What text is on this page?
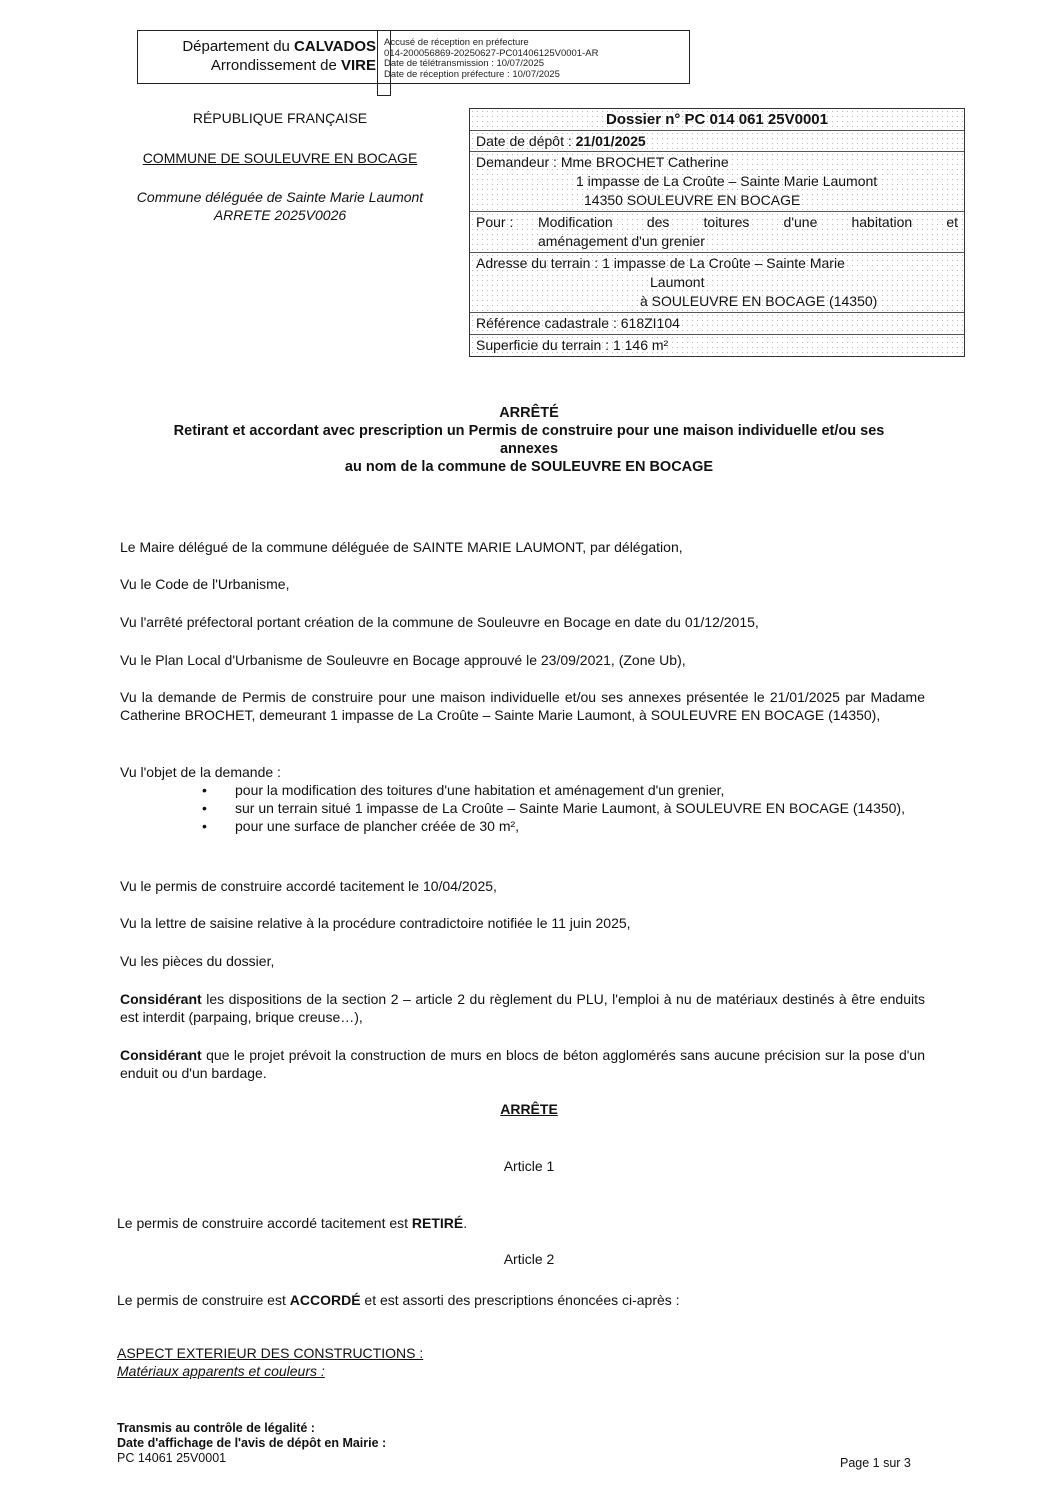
Département du CALVADOS
Arrondissement de VIRE
Accusé de réception en préfecture
014-200056869-20250627-PC01406125V0001-AR
Date de télétransmission : 10/07/2025
Date de réception préfecture : 10/07/2025
RÉPUBLIQUE FRANÇAISE
COMMUNE DE SOULEUVRE EN BOCAGE
Commune déléguée de Sainte Marie Laumont
ARRETE 2025V0026
Dossier n° PC 014 061 25V0001
Date de dépôt : 21/01/2025
Demandeur : Mme BROCHET Catherine
1 impasse de La Croûte – Sainte Marie Laumont
14350 SOULEUVRE EN BOCAGE
Pour :	Modification des toitures d'une habitation et
aménagement d'un grenier
Adresse du terrain : 1 impasse de La Croûte – Sainte Marie
Laumont
à SOULEUVRE EN BOCAGE (14350)
Référence cadastrale : 618ZI104
Superficie du terrain : 1 146 m²
ARRÊTÉ
Retirant et accordant avec prescription un Permis de construire pour une maison individuelle et/ou ses
annexes
au nom de la commune de SOULEUVRE EN BOCAGE
Le Maire délégué de la commune déléguée de SAINTE MARIE LAUMONT, par délégation,
Vu le Code de l'Urbanisme,
Vu l'arrêté préfectoral portant création de la commune de Souleuvre en Bocage en date du 01/12/2015,
Vu le Plan Local d'Urbanisme de Souleuvre en Bocage approuvé le 23/09/2021, (Zone Ub),
Vu la demande de Permis de construire pour une maison individuelle et/ou ses annexes présentée le 21/01/2025 par Madame Catherine BROCHET, demeurant 1 impasse de La Croûte – Sainte Marie Laumont, à SOULEUVRE EN BOCAGE (14350),
Vu l'objet de la demande :
• pour la modification des toitures d'une habitation et aménagement d'un grenier,
• sur un terrain situé 1 impasse de La Croûte – Sainte Marie Laumont, à SOULEUVRE EN BOCAGE (14350),
• pour une surface de plancher créée de 30 m²,
Vu le permis de construire accordé tacitement le 10/04/2025,
Vu la lettre de saisine relative à la procédure contradictoire notifiée le 11 juin 2025,
Vu les pièces du dossier,
Considérant les dispositions de la section 2 – article 2 du règlement du PLU, l'emploi à nu de matériaux destinés à être enduits est interdit (parpaing, brique creuse…),
Considérant que le projet prévoit la construction de murs en blocs de béton agglomérés sans aucune précision sur la pose d'un enduit ou d'un bardage.
ARRÊTE
Article 1
Le permis de construire accordé tacitement est RETIRÉ.
Article 2
Le permis de construire est ACCORDÉ et est assorti des prescriptions énoncées ci-après :
ASPECT EXTERIEUR DES CONSTRUCTIONS :
Matériaux apparents et couleurs :
Transmis au contrôle de légalité :
Date d'affichage de l'avis de dépôt en Mairie :
PC 14061 25V0001	Page 1 sur 3
